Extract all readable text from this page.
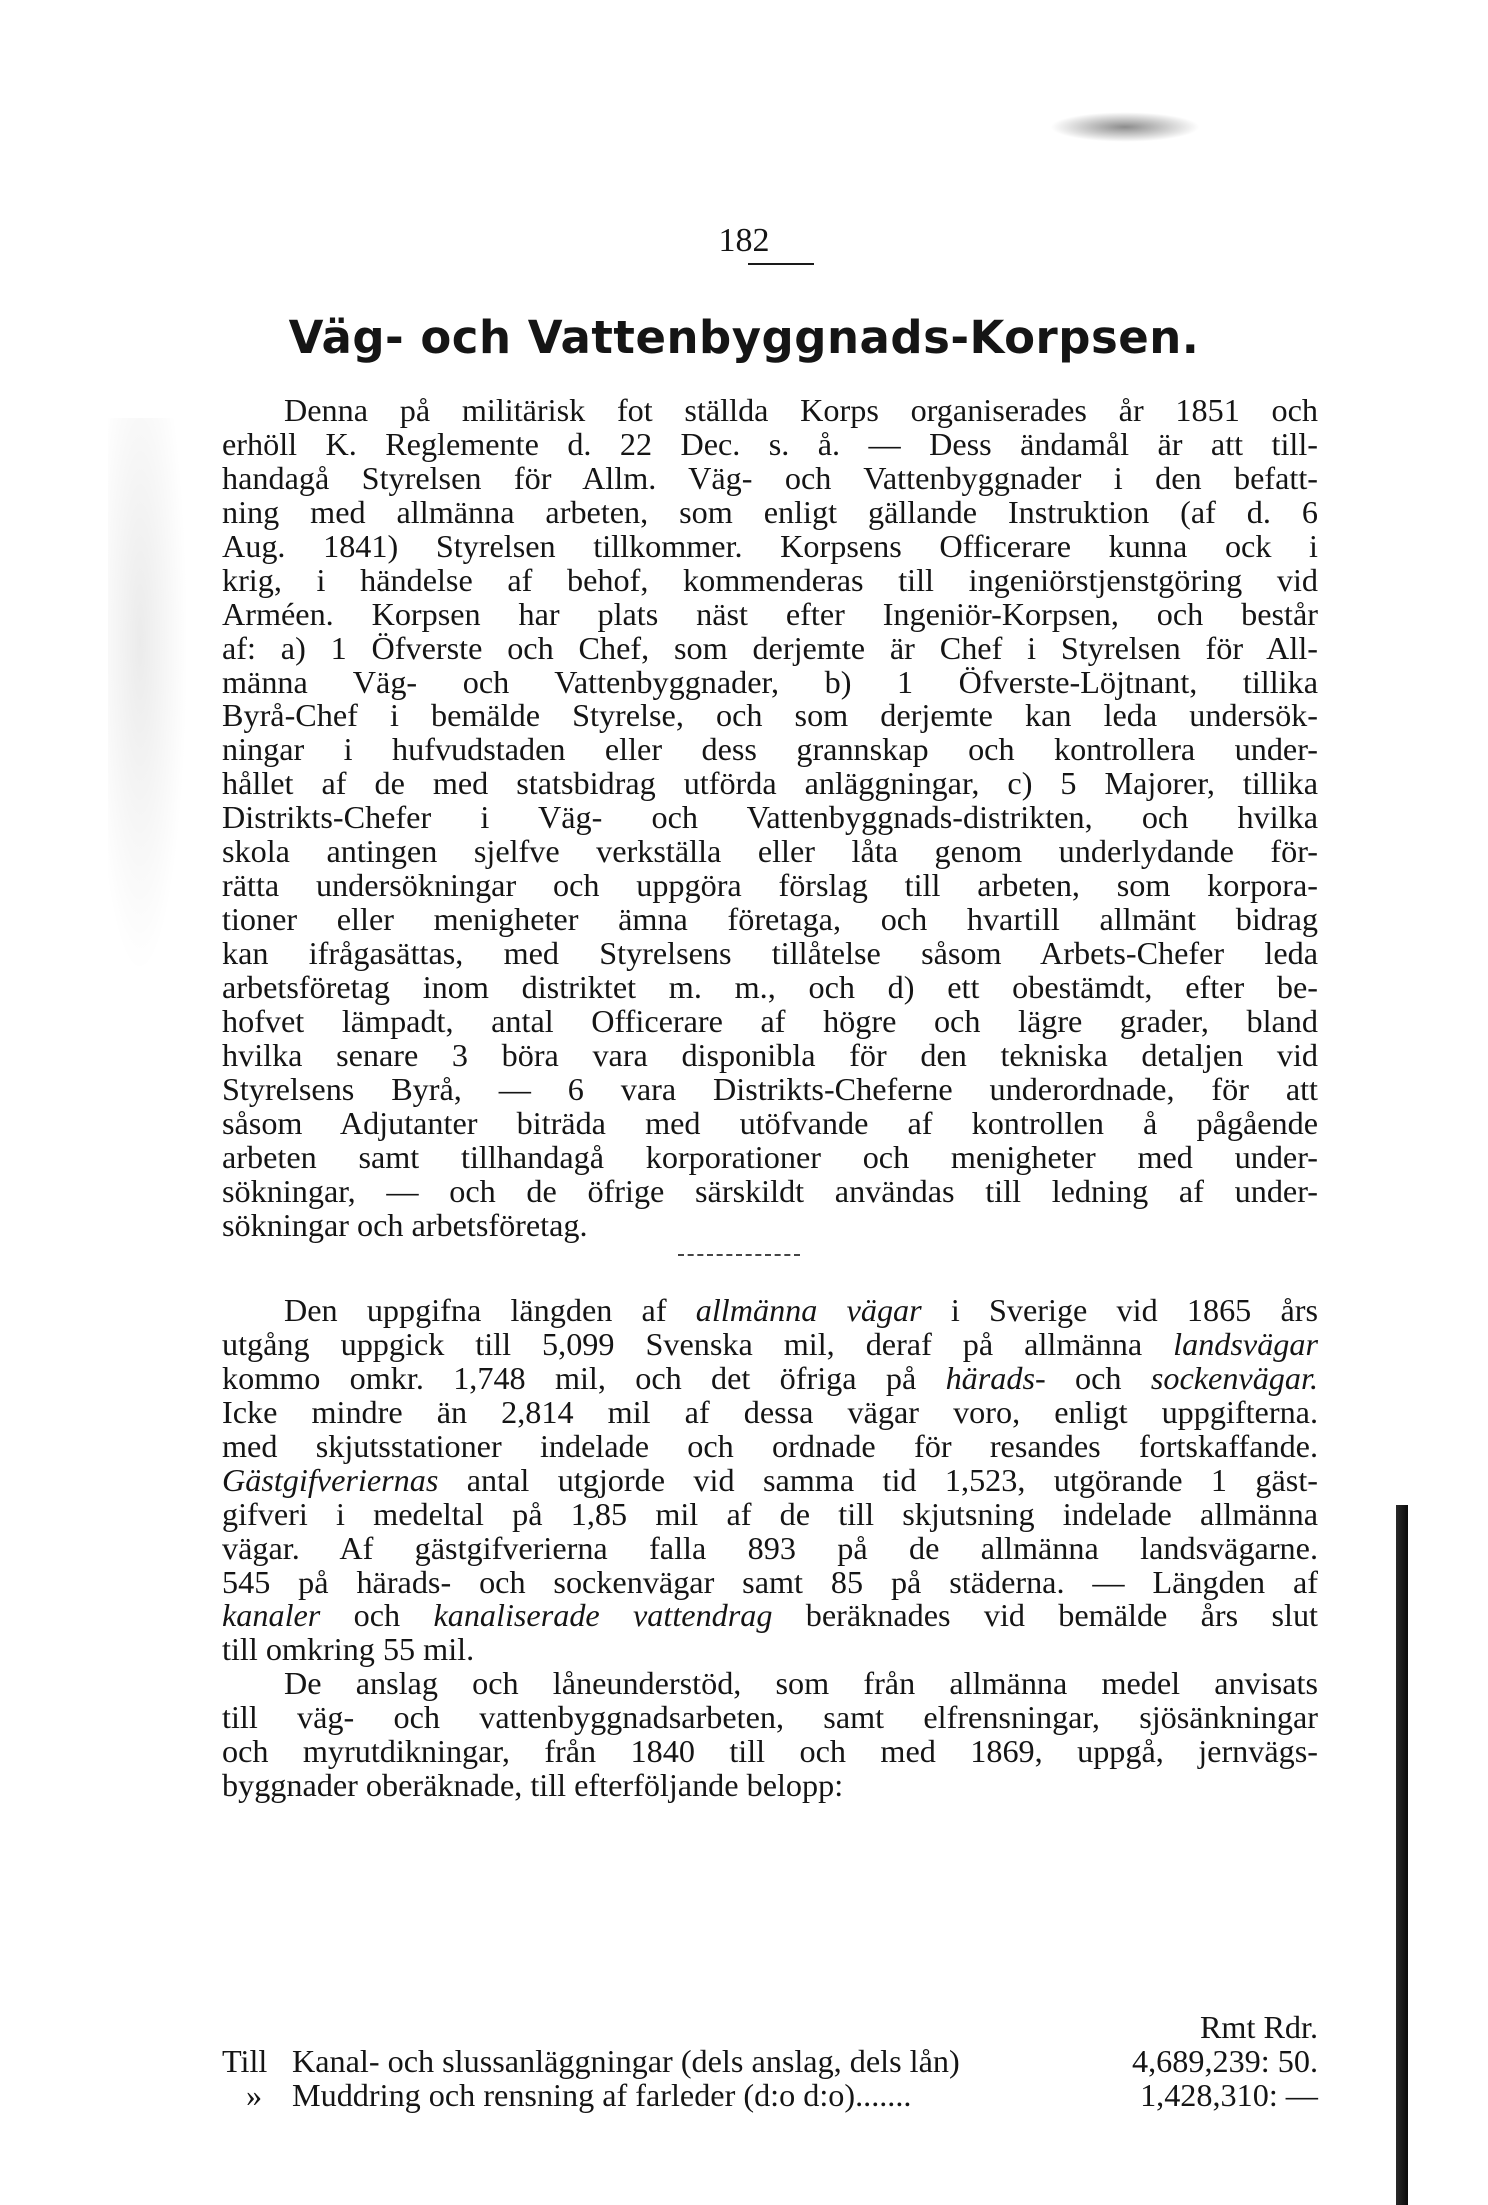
182
Väg- och Vattenbyggnads-Korpsen.
Denna på militärisk fot ställda Korps organiserades år 1851 och
erhöll K. Reglemente d. 22 Dec. s. å. — Dess ändamål är att till-
handagå Styrelsen för Allm. Väg- och Vattenbyggnader i den befatt-
ning med allmänna arbeten, som enligt gällande Instruktion (af d. 6
Aug. 1841) Styrelsen tillkommer. Korpsens Officerare kunna ock i
krig, i händelse af behof, kommenderas till ingeniörstjenstgöring vid
Arméen. Korpsen har plats näst efter Ingeniör-Korpsen, och består
af: a) 1 Öfverste och Chef, som derjemte är Chef i Styrelsen för All-
männa Väg- och Vattenbyggnader, b) 1 Öfverste-Löjtnant, tillika
Byrå-Chef i bemälde Styrelse, och som derjemte kan leda undersök-
ningar i hufvudstaden eller dess grannskap och kontrollera under-
hållet af de med statsbidrag utförda anläggningar, c) 5 Majorer, tillika
Distrikts-Chefer i Väg- och Vattenbyggnads-distrikten, och hvilka
skola antingen sjelfve verkställa eller låta genom underlydande för-
rätta undersökningar och uppgöra förslag till arbeten, som korpora-
tioner eller menigheter ämna företaga, och hvartill allmänt bidrag
kan ifrågasättas, med Styrelsens tillåtelse såsom Arbets-Chefer leda
arbetsföretag inom distriktet m. m., och d) ett obestämdt, efter be-
hofvet lämpadt, antal Officerare af högre och lägre grader, bland
hvilka senare 3 böra vara disponibla för den tekniska detaljen vid
Styrelsens Byrå, — 6 vara Distrikts-Cheferne underordnade, för att
såsom Adjutanter biträda med utöfvande af kontrollen å pågående
arbeten samt tillhandagå korporationer och menigheter med under-
sökningar, — och de öfrige särskildt användas till ledning af under-
sökningar och arbetsföretag.
Den uppgifna längden af allmänna vägar i Sverige vid 1865 års
utgång uppgick till 5,099 Svenska mil, deraf på allmänna landsvägar
kommo omkr. 1,748 mil, och det öfriga på härads- och sockenvägar.
Icke mindre än 2,814 mil af dessa vägar voro, enligt uppgifterna.
med skjutsstationer indelade och ordnade för resandes fortskaffande.
Gästgifveriernas antal utgjorde vid samma tid 1,523, utgörande 1 gäst-
gifveri i medeltal på 1,85 mil af de till skjutsning indelade allmänna
vägar. Af gästgifverierna falla 893 på de allmänna landsvägarne.
545 på härads- och sockenvägar samt 85 på städerna. — Längden af
kanaler och kanaliserade vattendrag beräknades vid bemälde års slut
till omkring 55 mil.
De anslag och låneunderstöd, som från allmänna medel anvisats
till väg- och vattenbyggnadsarbeten, samt elfrensningar, sjösänkningar
och myrutdikningar, från 1840 till och med 1869, uppgå, jernvägs-
byggnader oberäknade, till efterföljande belopp:
Rmt Rdr.
Till Kanal- och slussanläggningar (dels anslag, dels lån)	4,689,239: 50.
» Muddring och rensning af farleder (d:o d:o).......	1,428,310: —
